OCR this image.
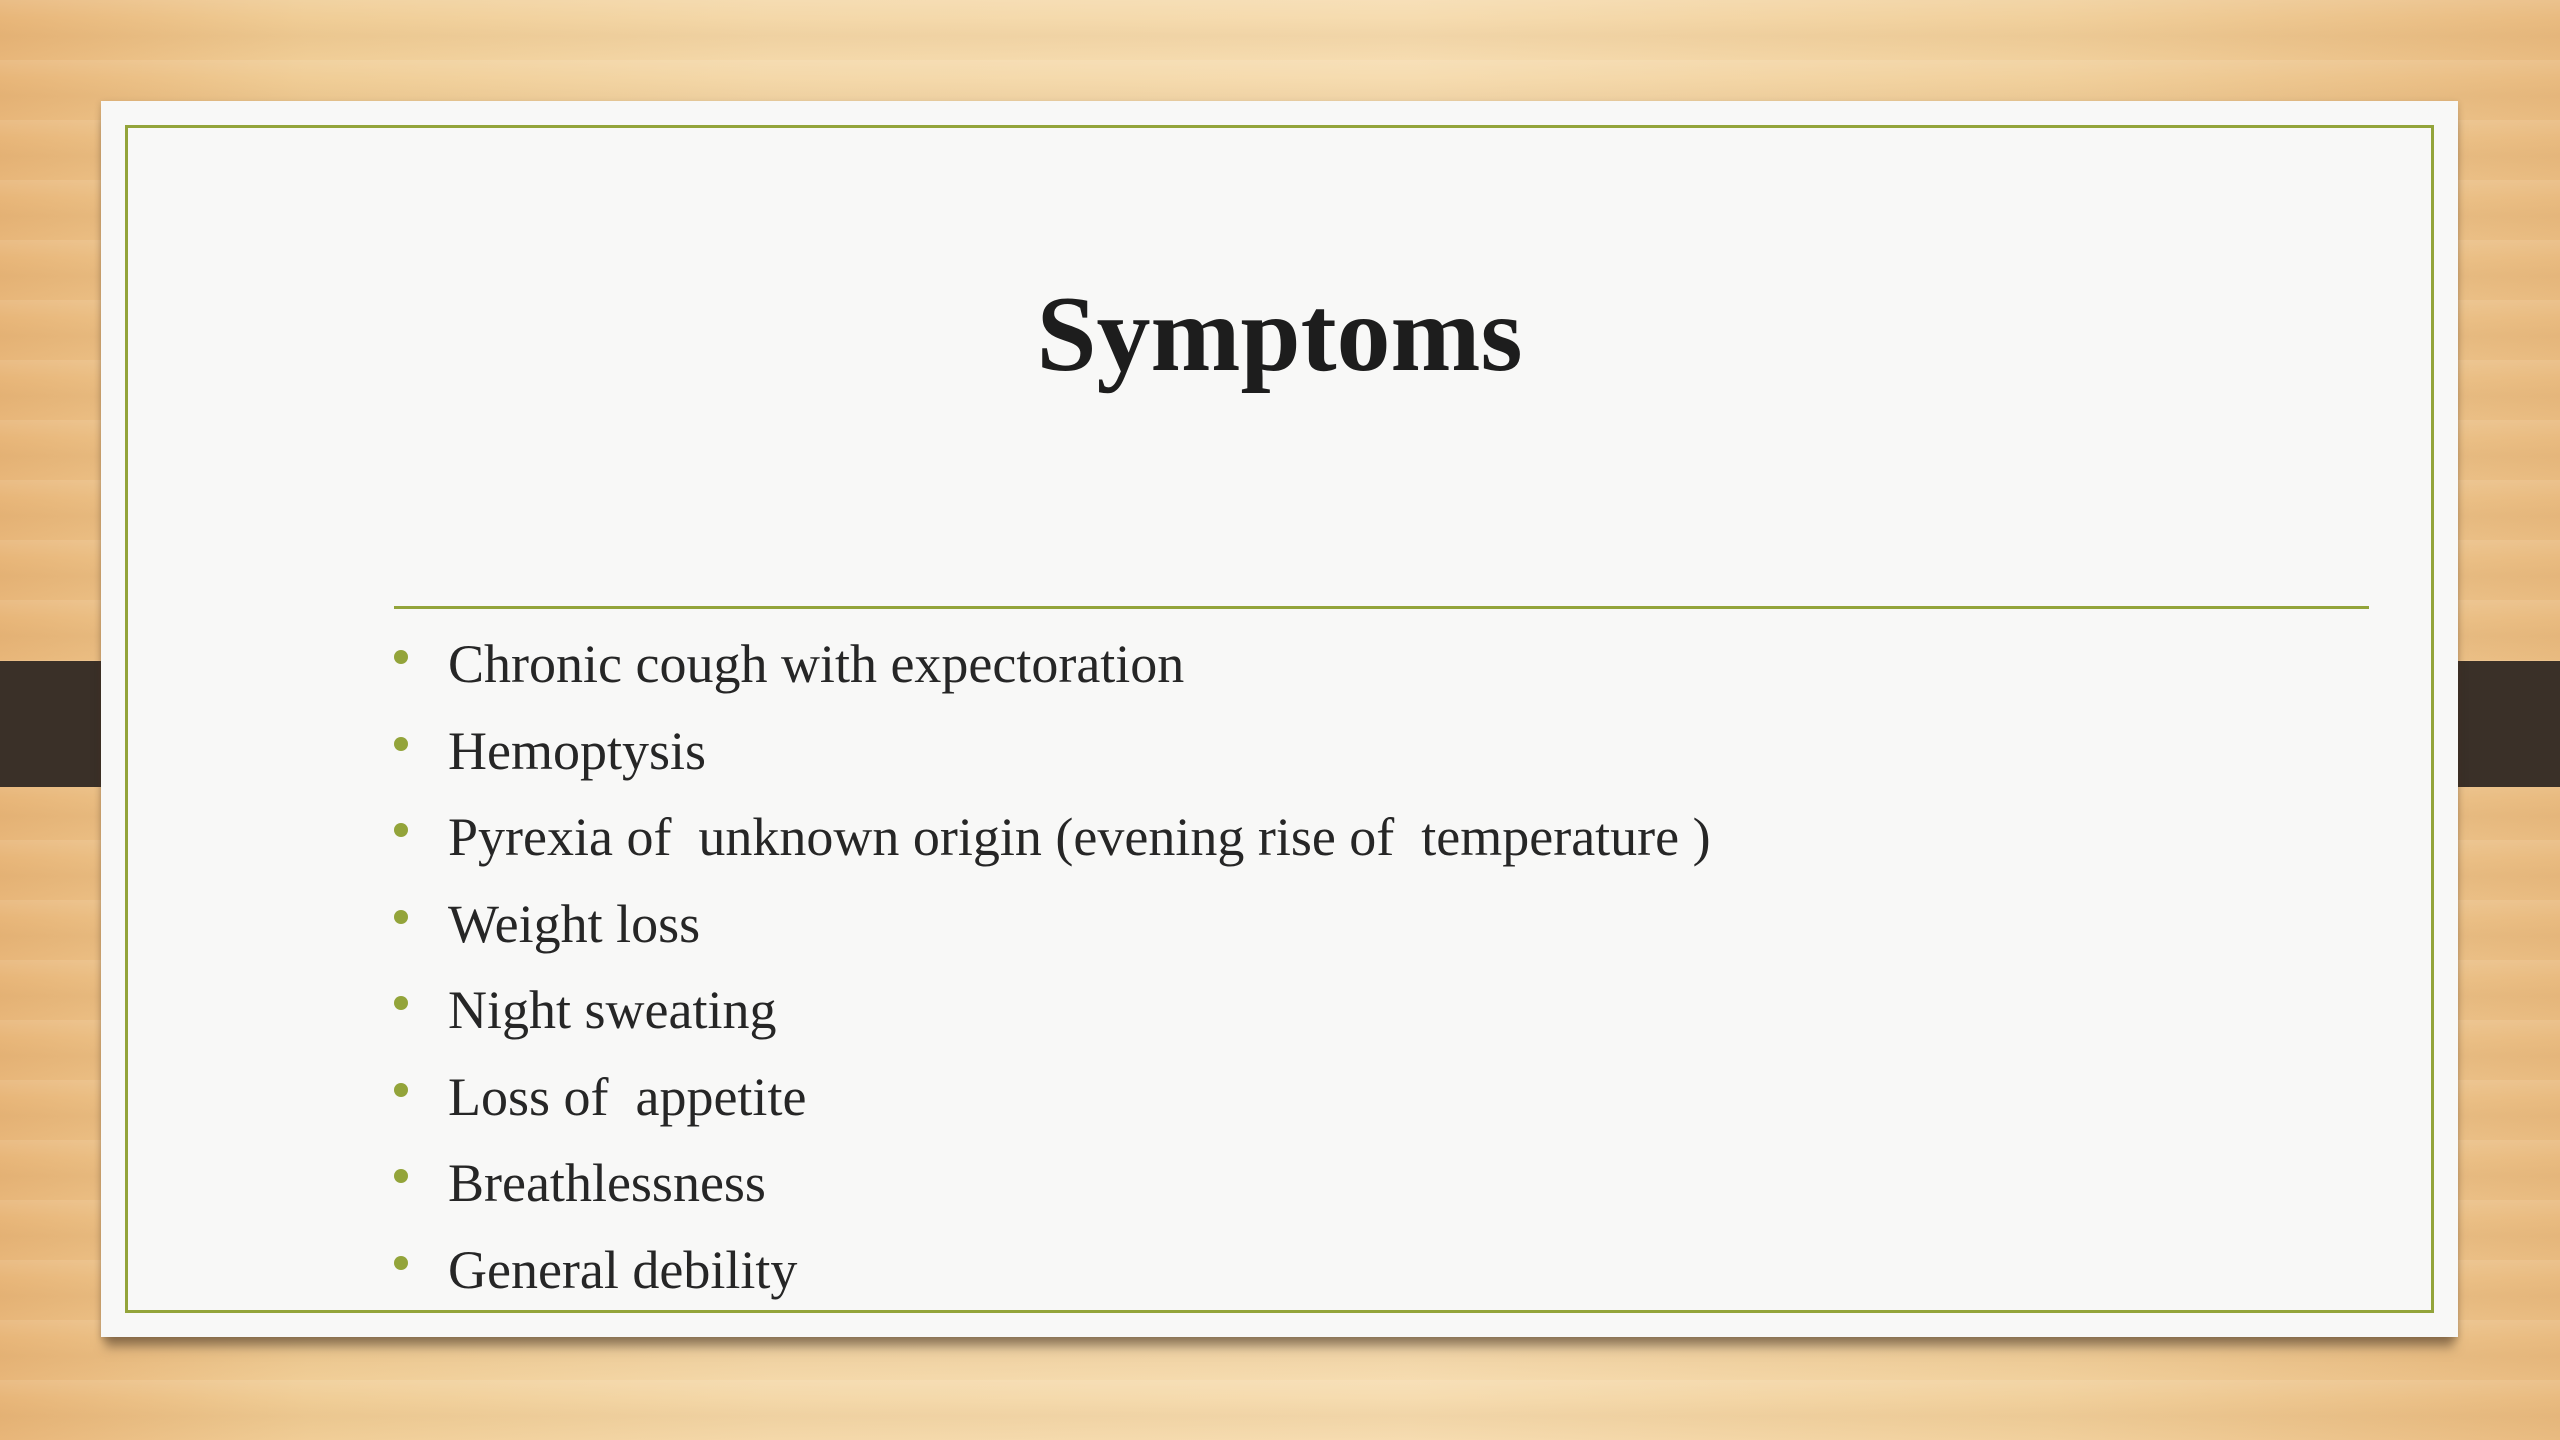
Symptoms
Chronic cough with expectoration
Hemoptysis
Pyrexia of  unknown origin (evening rise of  temperature )
Weight loss
Night sweating
Loss of  appetite
Breathlessness
General debility
